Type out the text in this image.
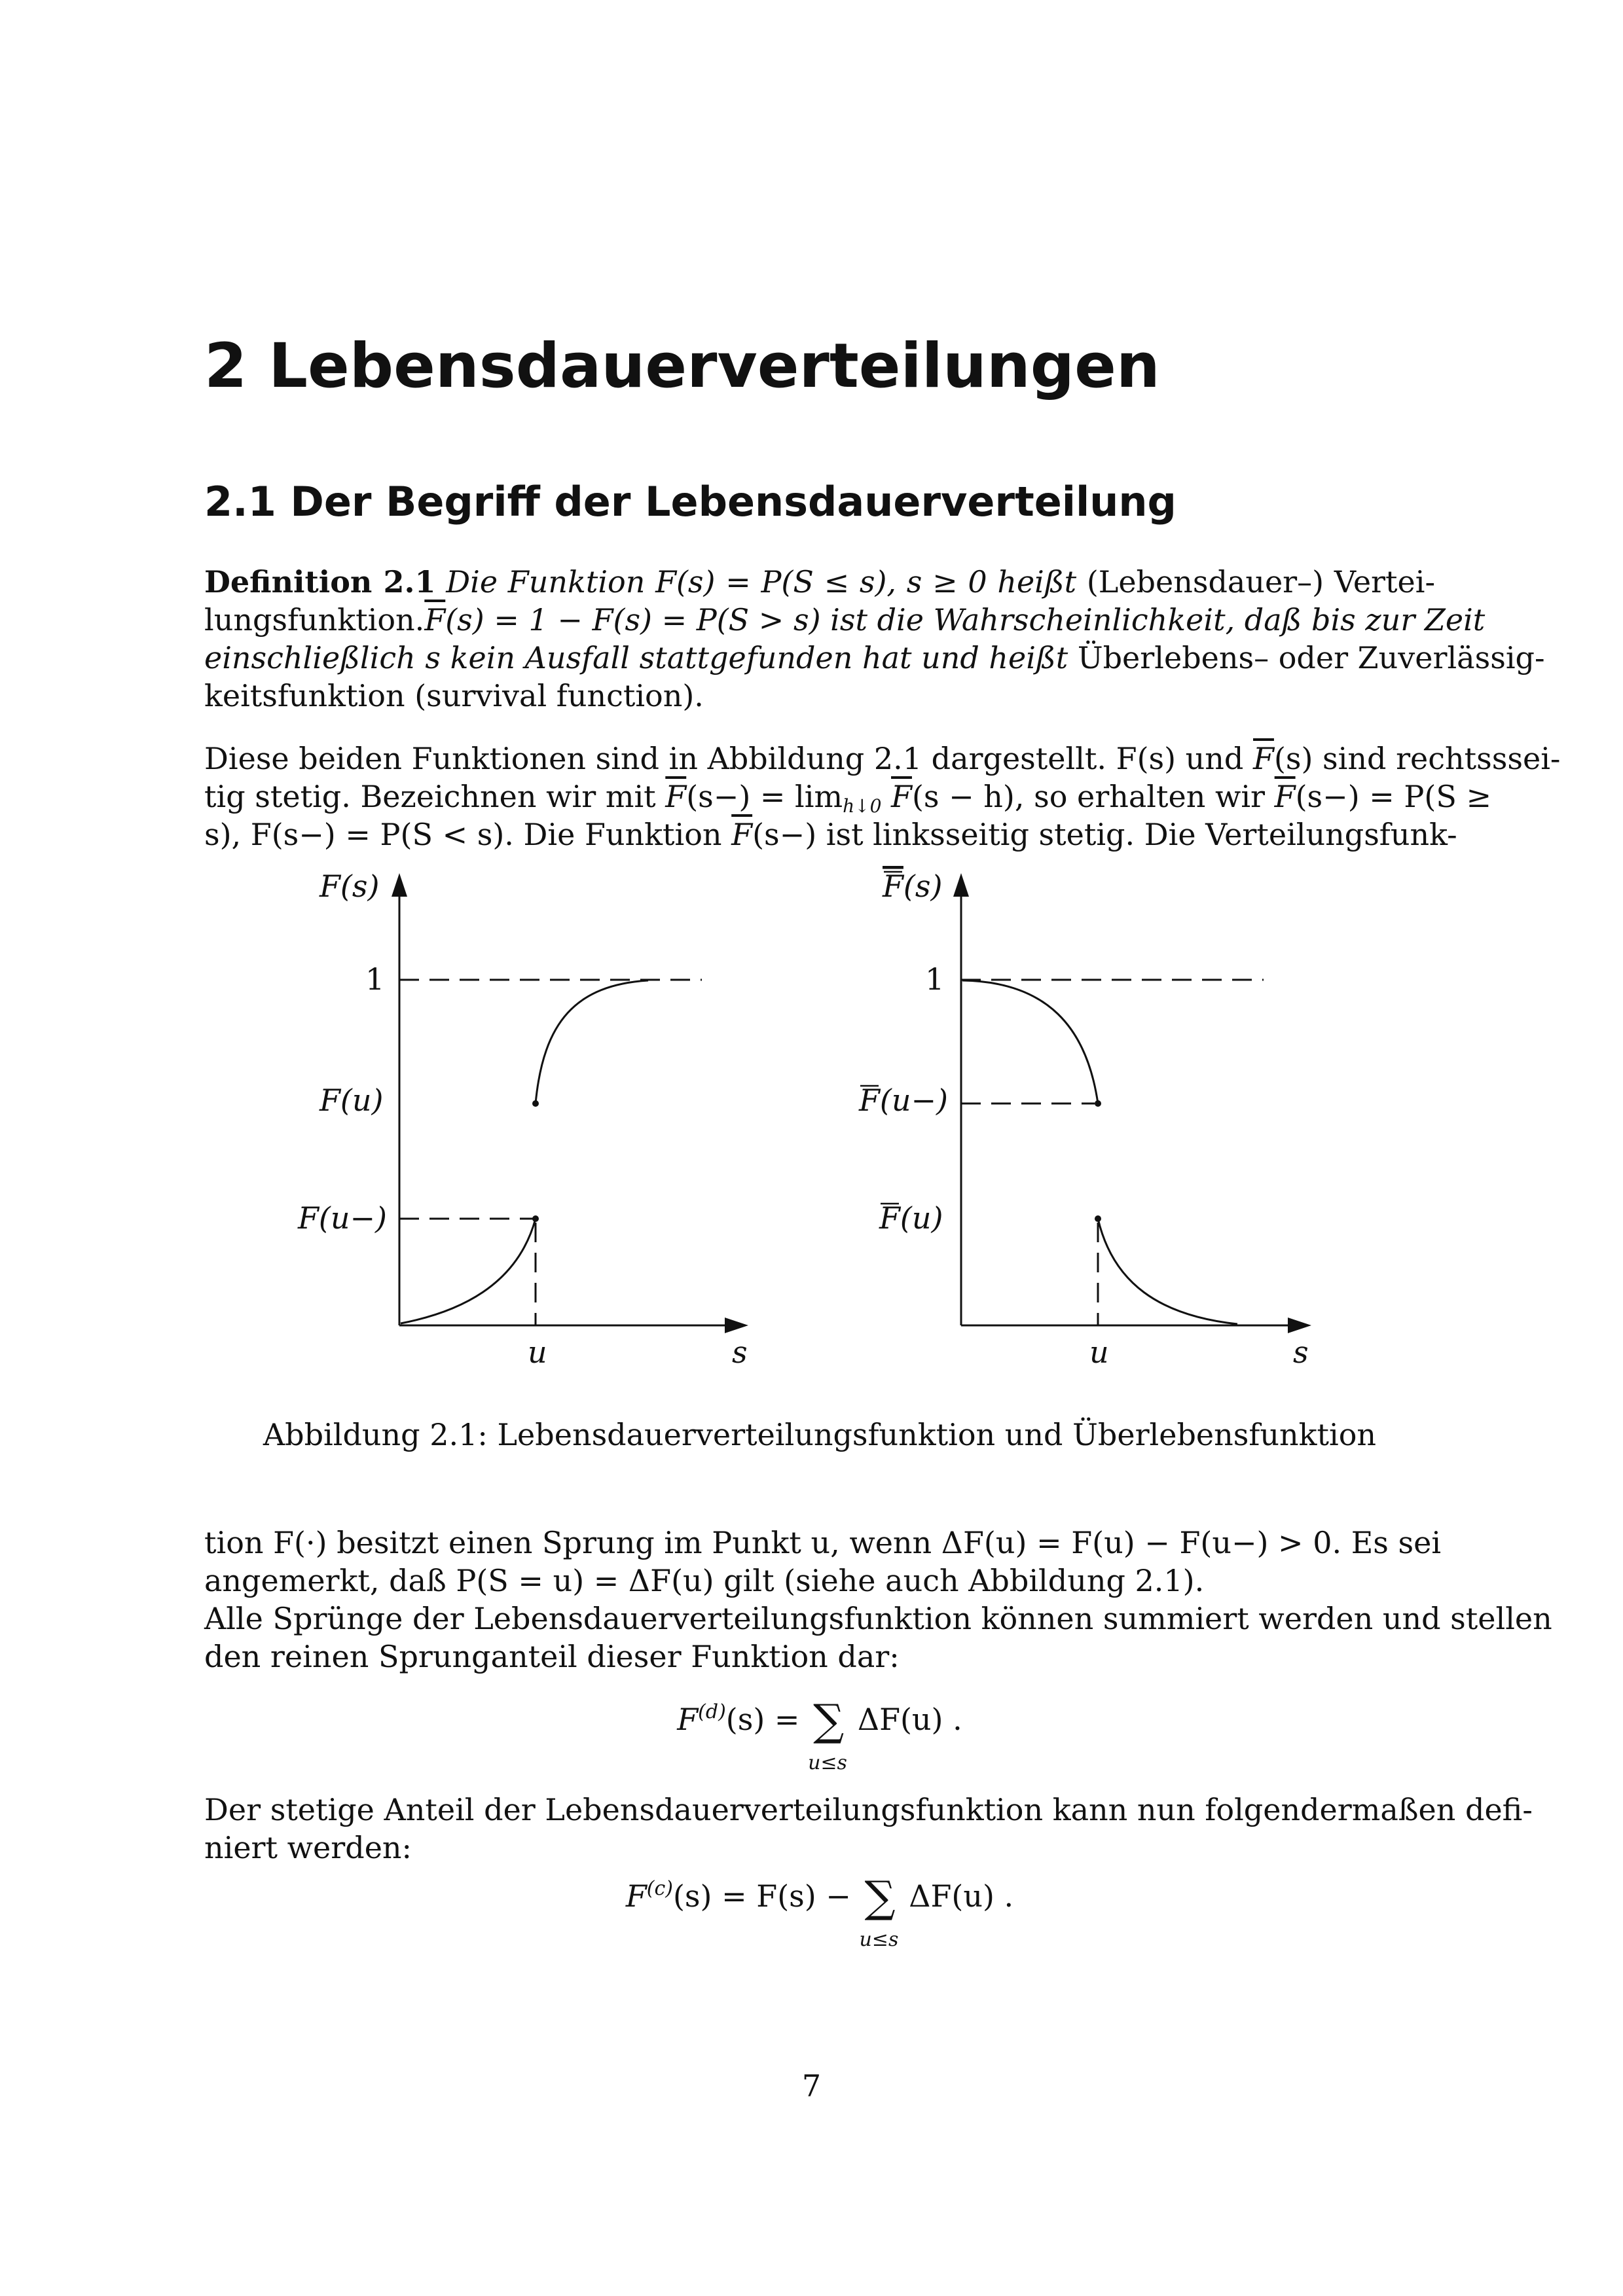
2 Lebensdauerverteilungen
2.1 Der Begriff der Lebensdauerverteilung
Definition 2.1 Die Funktion F(s) = P(S ≤ s), s ≥ 0 heißt (Lebensdauer–) Vertei-
$lungsfunktion.\overline{F}(s) = 1 - F(s) = P(S > s)$ ist die Wahrscheinlichkeit, daß bis zur Zeit
einschließlich s kein Ausfall stattgefunden hat und heißt Überlebens– oder Zuverlässig-
keitsfunktion (survival function).
Diese beiden Funktionen sind in Abbildung 2.1 dargestellt. F(s) und $\overline{F}(s)$ sind rechtsssei-
tig stetig. Bezeichnen wir mit $\overline{F}(s-) = \lim_{h↓0} \overline{F}(s - h)$, so erhalten wir $\overline{F}(s-) = P(S$ ≥
s), F(s−) = P(S < s). Die Funktion $\overline{F}(s-)$ ist linksseitig stetig. Die Verteilungsfunk-
F(s)
1
F(u)
F(u−)
u	s
F(s)
1
F(u−)
F(u)
u	s
Abbildung 2.1: Lebensdauerverteilungsfunktion und Überlebensfunktion
tion F(·) besitzt einen Sprung im Punkt u, wenn ΔF(u) = F(u) − F(u−) > 0. Es sei
angemerkt, daß P(S = u) = ΔF(u) gilt (siehe auch Abbildung 2.1).
Alle Sprünge der Lebensdauerverteilungsfunktion können summiert werden und stellen
den reinen Sprunganteil dieser Funktion dar:
$F^{(d)}(s)$ = ∑
u≤s
ΔF(u) .
Der stetige Anteil der Lebensdauerverteilungsfunktion kann nun folgendermaßen defi-
niert werden:
$F^{(c)}(s) = F(s)$ − ∑
u≤s
ΔF(u) .
7
